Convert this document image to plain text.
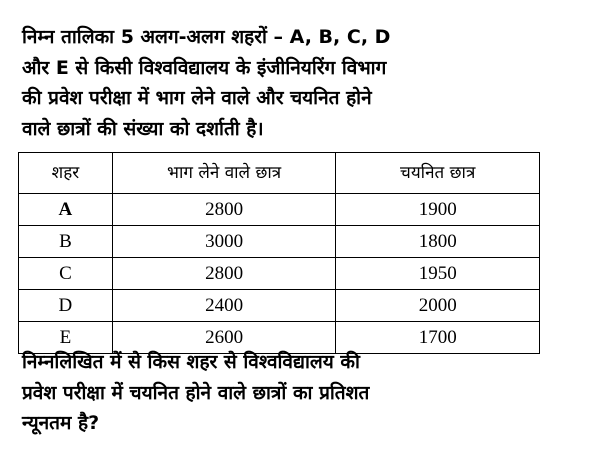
निम्न तालिका 5 अलग-अलग शहरों – A, B, C, D
और E से किसी विश्वविद्यालय के इंजीनियरिंग विभाग
की प्रवेश परीक्षा में भाग लेने वाले और चयनित होने
वाले छात्रों की संख्या को दर्शाती है।
शहर	भाग लेने वाले छात्र	चयनित छात्र
A	2800	1900
B	3000	1800
C	2800	1950
D	2400	2000
E	2600	1700
निम्नलिखित में से किस शहर से विश्वविद्यालय की
प्रवेश परीक्षा में चयनित होने वाले छात्रों का प्रतिशत
न्यूनतम है?
